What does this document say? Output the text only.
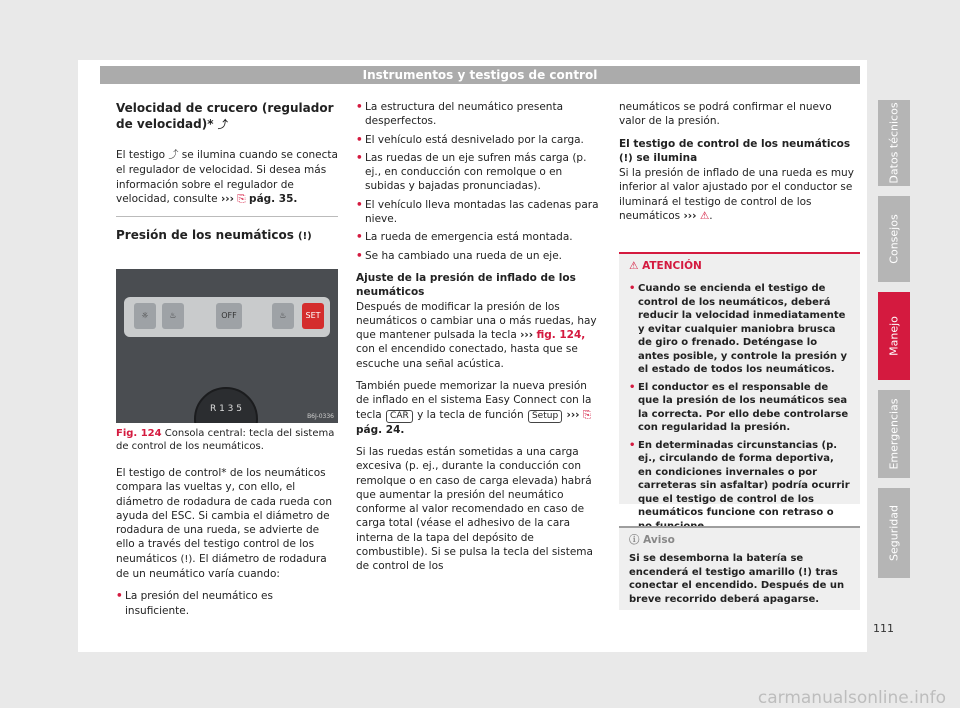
Instrumentos y testigos de control
Velocidad de crucero (regulador de velocidad)* ⤴

El testigo ⤴ se ilumina cuando se conecta el regulador de velocidad. Si desea más información sobre el regulador de velocidad, consulte ››› ⎘ pág. 35.

Presión de los neumáticos (!)
☼	♨	OFF	♨	SET
R 1 3 5
B6J-0336
Fig. 124 Consola central: tecla del sistema de control de los neumáticos.

El testigo de control* de los neumáticos compara las vueltas y, con ello, el diámetro de rodadura de cada rueda con ayuda del ESC. Si cambia el diámetro de rodadura de una rueda, se advierte de ello a través del testigo control de los neumáticos (!). El diámetro de rodadura de un neumático varía cuando:

• La presión del neumático es insuficiente.
• La estructura del neumático presenta desperfectos.
• El vehículo está desnivelado por la carga.
• Las ruedas de un eje sufren más carga (p. ej., en conducción con remolque o en subidas y bajadas pronunciadas).
• El vehículo lleva montadas las cadenas para nieve.
• La rueda de emergencia está montada.
• Se ha cambiado una rueda de un eje.
Ajuste de la presión de inflado de los neumáticos

Después de modificar la presión de los neumáticos o cambiar una o más ruedas, hay que mantener pulsada la tecla ››› fig. 124, con el encendido conectado, hasta que se escuche una señal acústica.

También puede memorizar la nueva presión de inflado en el sistema Easy Connect con la tecla CAR y la tecla de función Setup ››› ⎘ pág. 24.

Si las ruedas están sometidas a una carga excesiva (p. ej., durante la conducción con remolque o en caso de carga elevada) habrá que aumentar la presión del neumático conforme al valor recomendado en caso de carga total (véase el adhesivo de la cara interna de la tapa del depósito de combustible). Si se pulsa la tecla del sistema de control de los

neumáticos se podrá confirmar el nuevo valor de la presión.

El testigo de control de los neumáticos (!) se ilumina

Si la presión de inflado de una rueda es muy inferior al valor ajustado por el conductor se iluminará el testigo de control de los neumáticos ››› ⚠.

⚠ ATENCIÓN
• Cuando se encienda el testigo de control de los neumáticos, deberá reducir la velocidad inmediatamente y evitar cualquier maniobra brusca de giro o frenado. Deténgase lo antes posible, y controle la presión y el estado de todos los neumáticos.
• El conductor es el responsable de que la presión de los neumáticos sea la correcta. Por ello debe controlarse con regularidad la presión.
• En determinadas circunstancias (p. ej., circulando de forma deportiva, en condiciones invernales o por carreteras sin asfaltar) podría ocurrir que el testigo de control de los neumáticos funcione con retraso o
ⓘ Aviso
Si se desemborna la batería se encenderá el testigo amarillo (!) tras conectar el encendido. Después de un breve recorrido deberá apagarse.
Datos técnicos
Consejos
Manejo
Emergencias
Seguridad
111
carmanualsonline.info
